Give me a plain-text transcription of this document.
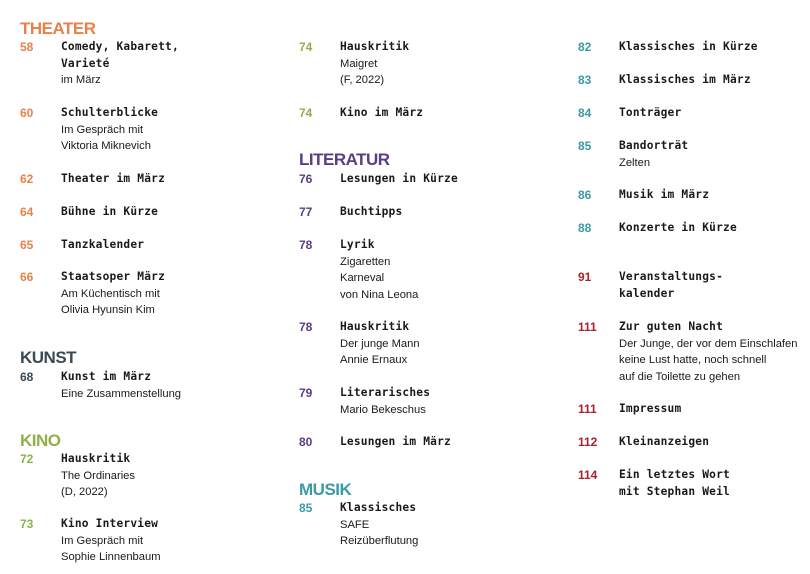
THEATER
58 Comedy, Kabarett,
Varieté
im März
60 Schulterblicke
Im Gespräch mit
Viktoria Miknevich
62 Theater im März
64 Bühne in Kürze
65 Tanzkalender
66 Staatsoper März
Am Küchentisch mit
Olivia Hyunsin Kim
KUNST
68 Kunst im März
Eine Zusammenstellung
KINO
72 Hauskritik
The Ordinaries
(D, 2022)
73 Kino Interview
Im Gespräch mit
Sophie Linnenbaum
74 Hauskritik
Maigret
(F, 2022)
74 Kino im März
LITERATUR
76 Lesungen in Kürze
77 Buchtipps
78 Lyrik
Zigaretten
Karneval
von Nina Leona
78 Hauskritik
Der junge Mann
Annie Ernaux
79 Literarisches
Mario Bekeschus
80 Lesungen im März
MUSIK
85 Klassisches
SAFE
Reizüberflutung
82 Klassisches in Kürze
83 Klassisches im März
84 Tonträger
85 Bandorträt
Zelten
86 Musik im März
88 Konzerte in Kürze
91 Veranstaltungs-
kalender
111 Zur guten Nacht
Der Junge, der vor dem Einschlafen
keine Lust hatte, noch schnell
auf die Toilette zu gehen
111 Impressum
112 Kleinanzeigen
114 Ein letztes Wort
mit Stephan Weil
